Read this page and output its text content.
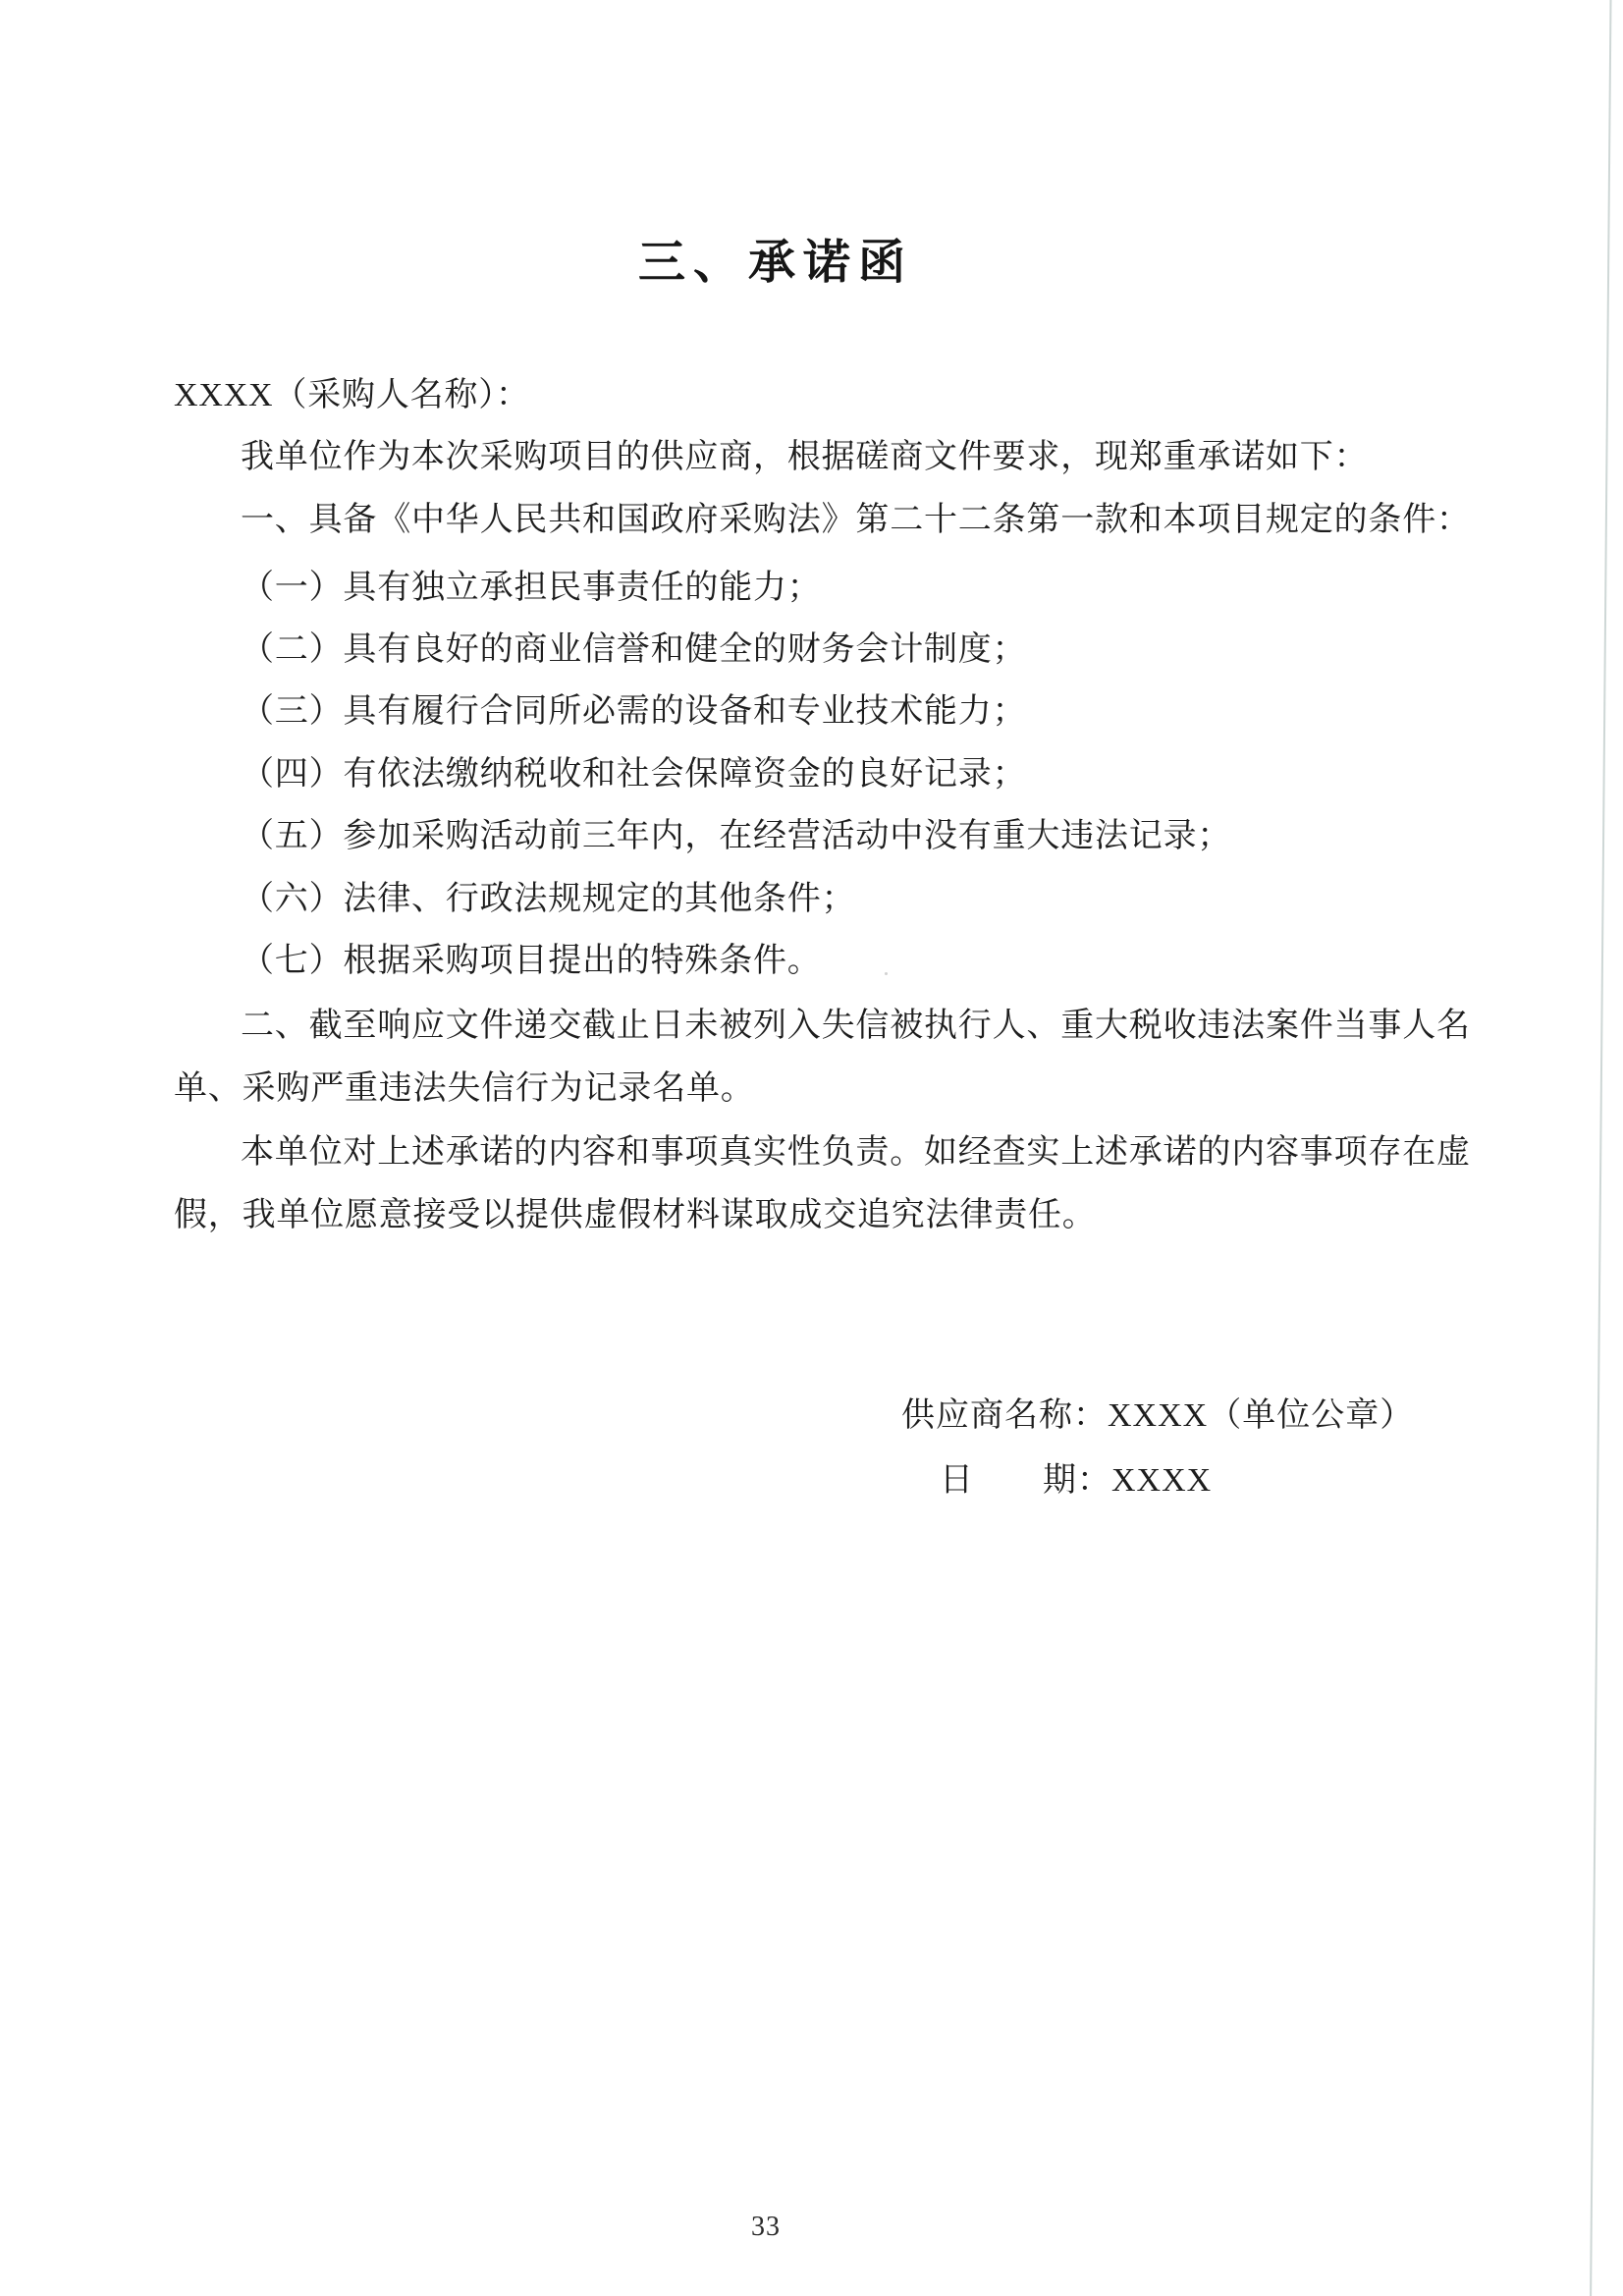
三、承诺函
XXXX（采购人名称）：
我单位作为本次采购项目的供应商，根据磋商文件要求，现郑重承诺如下：
一、具备《中华人民共和国政府采购法》第二十二条第一款和本项目规定的条件：
（一）具有独立承担民事责任的能力；
（二）具有良好的商业信誉和健全的财务会计制度；
（三）具有履行合同所必需的设备和专业技术能力；
（四）有依法缴纳税收和社会保障资金的良好记录；
（五）参加采购活动前三年内，在经营活动中没有重大违法记录；
（六）法律、行政法规规定的其他条件；
（七）根据采购项目提出的特殊条件。
二、截至响应文件递交截止日未被列入失信被执行人、重大税收违法案件当事人名
单、采购严重违法失信行为记录名单。
本单位对上述承诺的内容和事项真实性负责。如经查实上述承诺的内容事项存在虚
假，我单位愿意接受以提供虚假材料谋取成交追究法律责任。
供应商名称：XXXX（单位公章）
日　　期：XXXX
33
